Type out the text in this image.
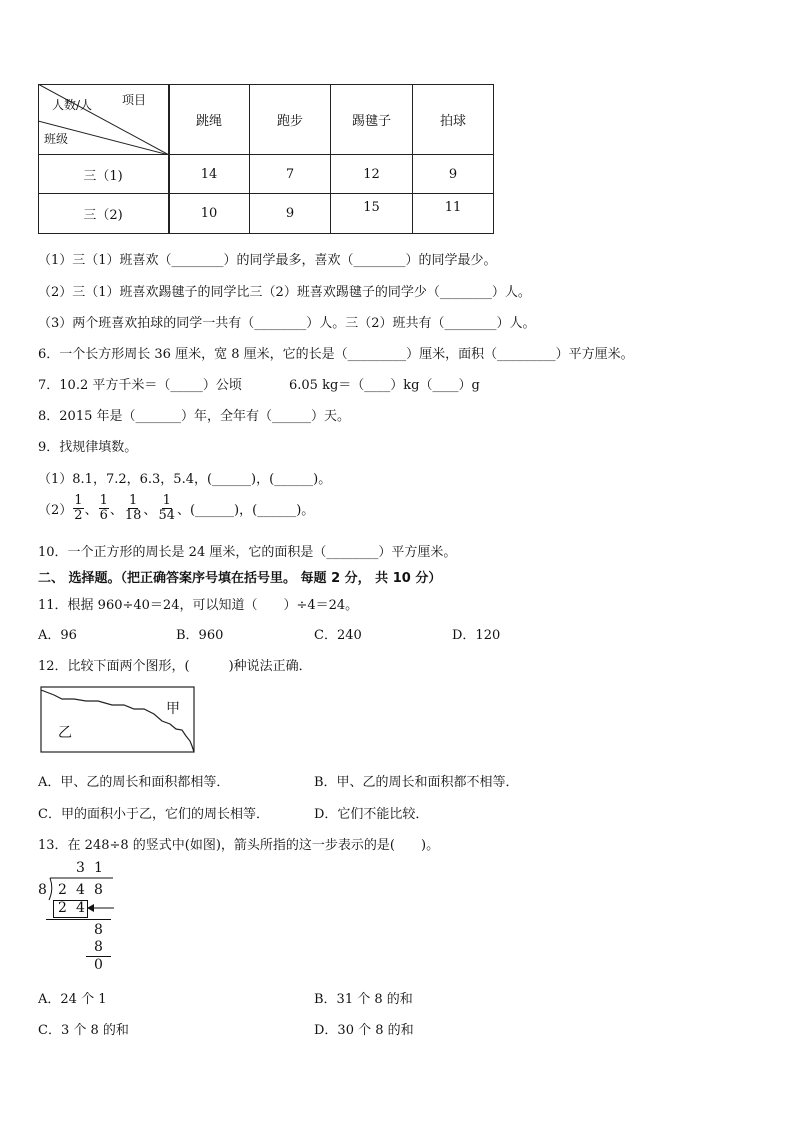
项目
人数/人
班级
跳绳	跑步	踢毽子	拍球
三（1)	14	7	12	9
三（2)	10	9	15	11
（1）三（1）班喜欢（________）的同学最多，喜欢（________）的同学最少。
（2）三（1）班喜欢踢毽子的同学比三（2）班喜欢踢毽子的同学少（________）人。
（3）两个班喜欢拍球的同学一共有（________）人。三（2）班共有（________）人。
6．一个长方形周长 36 厘米，宽 8 厘米，它的长是（_________）厘米，面积（_________）平方厘米。
7．10.2 平方千米＝（_____）公顷	6.05 kg＝（____）kg（____）g
8．2015 年是（_______）年，全年有（______）天。
9．找规律填数。
（1）8.1，7.2，6.3，5.4，(______)，(______)。
$(2) \frac{1}{2}$ 、 $\frac{1}{6}$ 、 $\frac{1}{18}$ 、 $\frac{1}{54}$ 、(______)，(______)。
10．一个正方形的周长是 24 厘米，它的面积是（________）平方厘米。
二、 选择题。（把正确答案序号填在括号里。 每题 2 分， 共 10 分）
11．根据 960÷40＝24，可以知道（　　）÷4＝24。
A．96	B．960	C．240	D．120
12．比较下面两个图形，(　　　)种说法正确．
甲
乙
A．甲、乙的周长和面积都相等．	B．甲、乙的周长和面积都不相等．
C．甲的面积小于乙，它们的周长相等．	D．它们不能比较．
13．在 248÷8 的竖式中(如图)，箭头所指的这一步表示的是(　　)。
3 1
8 2 4 8
2 4
8
8
0
A．24 个 1	B．31 个 8 的和
C．3 个 8 的和	D．30 个 8 的和
